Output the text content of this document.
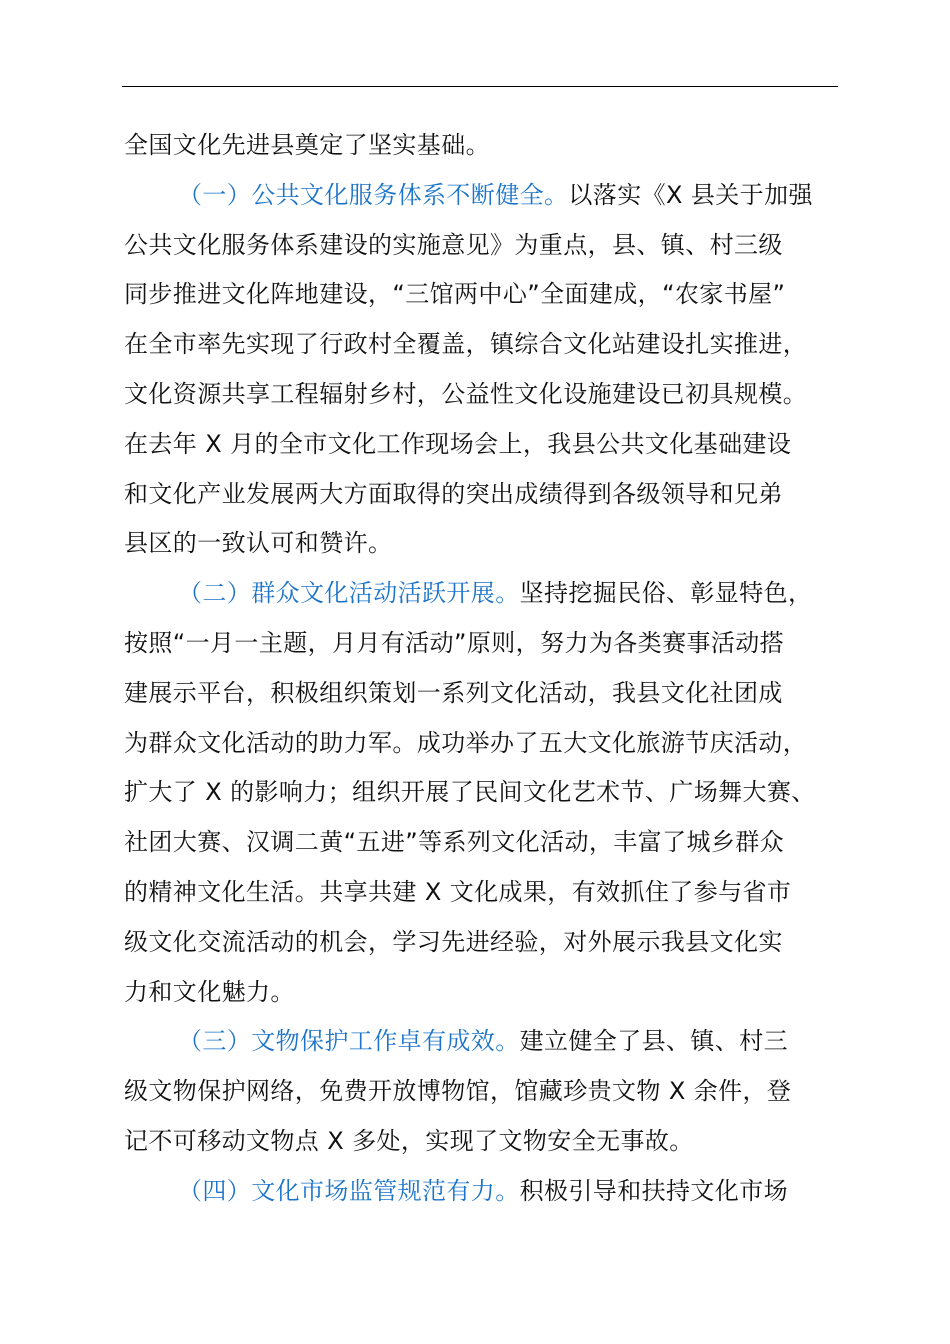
全国文化先进县奠定了坚实基础。
（一）公共文化服务体系不断健全。以落实《X 县关于加强
公共文化服务体系建设的实施意见》为重点，县、镇、村三级
同步推进文化阵地建设，“三馆两中心”全面建成，“农家书屋”
在全市率先实现了行政村全覆盖，镇综合文化站建设扎实推进，
文化资源共享工程辐射乡村，公益性文化设施建设已初具规模。
在去年 X 月的全市文化工作现场会上，我县公共文化基础建设
和文化产业发展两大方面取得的突出成绩得到各级领导和兄弟
县区的一致认可和赞许。
（二）群众文化活动活跃开展。坚持挖掘民俗、彰显特色，
按照“一月一主题，月月有活动”原则，努力为各类赛事活动搭
建展示平台，积极组织策划一系列文化活动，我县文化社团成
为群众文化活动的助力军。成功举办了五大文化旅游节庆活动，
扩大了 X 的影响力；组织开展了民间文化艺术节、广场舞大赛、
社团大赛、汉调二黄“五进”等系列文化活动，丰富了城乡群众
的精神文化生活。共享共建 X 文化成果，有效抓住了参与省市
级文化交流活动的机会，学习先进经验，对外展示我县文化实
力和文化魅力。
（三）文物保护工作卓有成效。建立健全了县、镇、村三
级文物保护网络，免费开放博物馆，馆藏珍贵文物 X 余件，登
记不可移动文物点 X 多处，实现了文物安全无事故。
（四）文化市场监管规范有力。积极引导和扶持文化市场
